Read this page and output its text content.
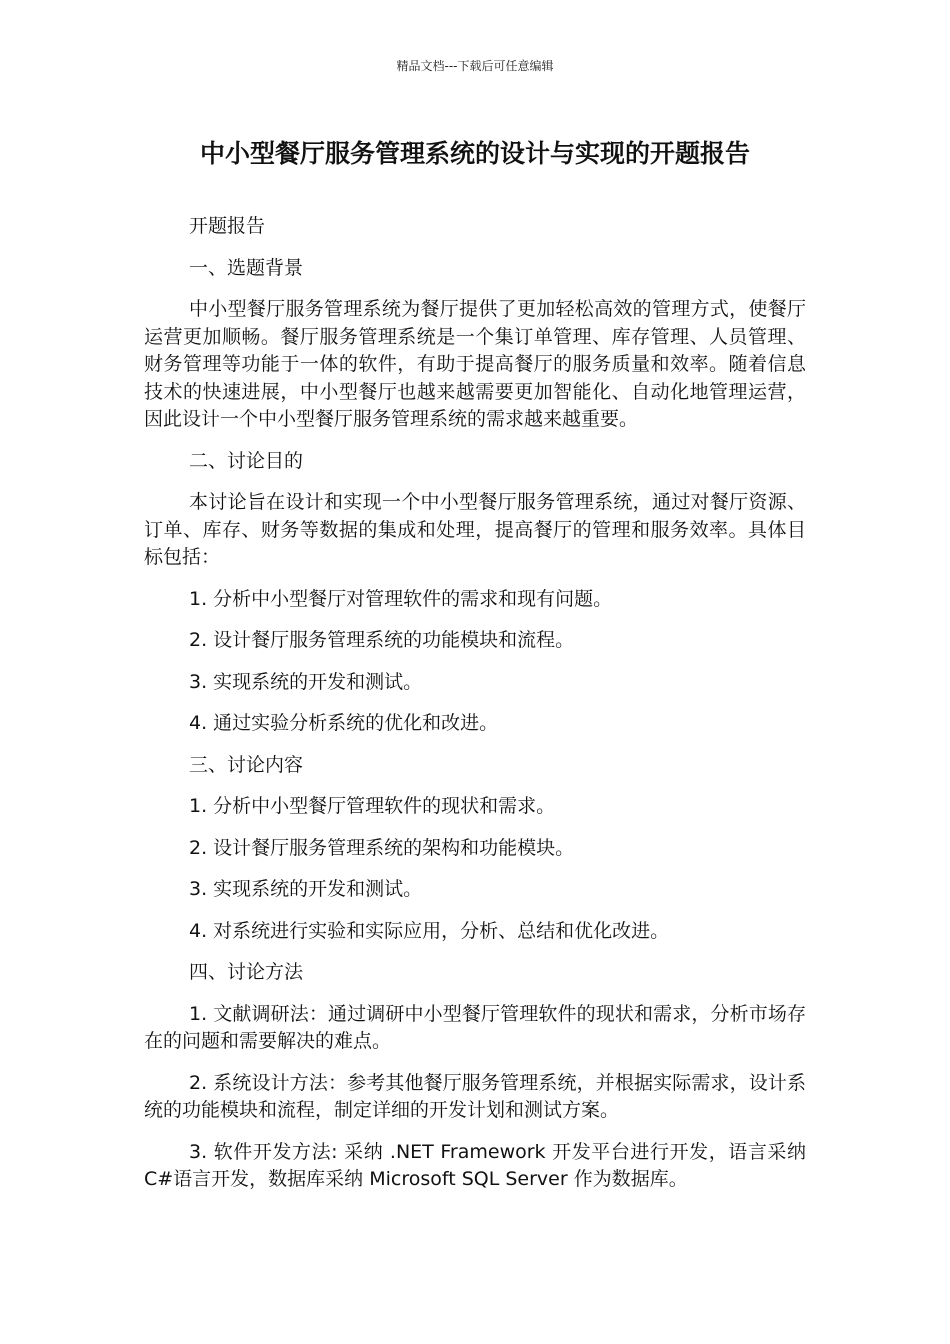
精品文档---下载后可任意编辑
中小型餐厅服务管理系统的设计与实现的开题报告

开题报告

一、选题背景

中小型餐厅服务管理系统为餐厅提供了更加轻松高效的管理方式，使餐厅运营更加顺畅。餐厅服务管理系统是一个集订单管理、库存管理、人员管理、财务管理等功能于一体的软件，有助于提高餐厅的服务质量和效率。随着信息技术的快速进展，中小型餐厅也越来越需要更加智能化、自动化地管理运营，因此设计一个中小型餐厅服务管理系统的需求越来越重要。

二、讨论目的

本讨论旨在设计和实现一个中小型餐厅服务管理系统，通过对餐厅资源、订单、库存、财务等数据的集成和处理，提高餐厅的管理和服务效率。具体目标包括：

1. 分析中小型餐厅对管理软件的需求和现有问题。

2. 设计餐厅服务管理系统的功能模块和流程。

3. 实现系统的开发和测试。

4. 通过实验分析系统的优化和改进。

三、讨论内容

1. 分析中小型餐厅管理软件的现状和需求。

2. 设计餐厅服务管理系统的架构和功能模块。

3. 实现系统的开发和测试。

4. 对系统进行实验和实际应用，分析、总结和优化改进。

四、讨论方法

1. 文献调研法：通过调研中小型餐厅管理软件的现状和需求，分析市场存在的问题和需要解决的难点。

2. 系统设计方法：参考其他餐厅服务管理系统，并根据实际需求，设计系统的功能模块和流程，制定详细的开发计划和测试方案。

3. 软件开发方法: 采纳 .NET Framework 开发平台进行开发，语言采纳 C#语言开发，数据库采纳 Microsoft SQL Server 作为数据库。
